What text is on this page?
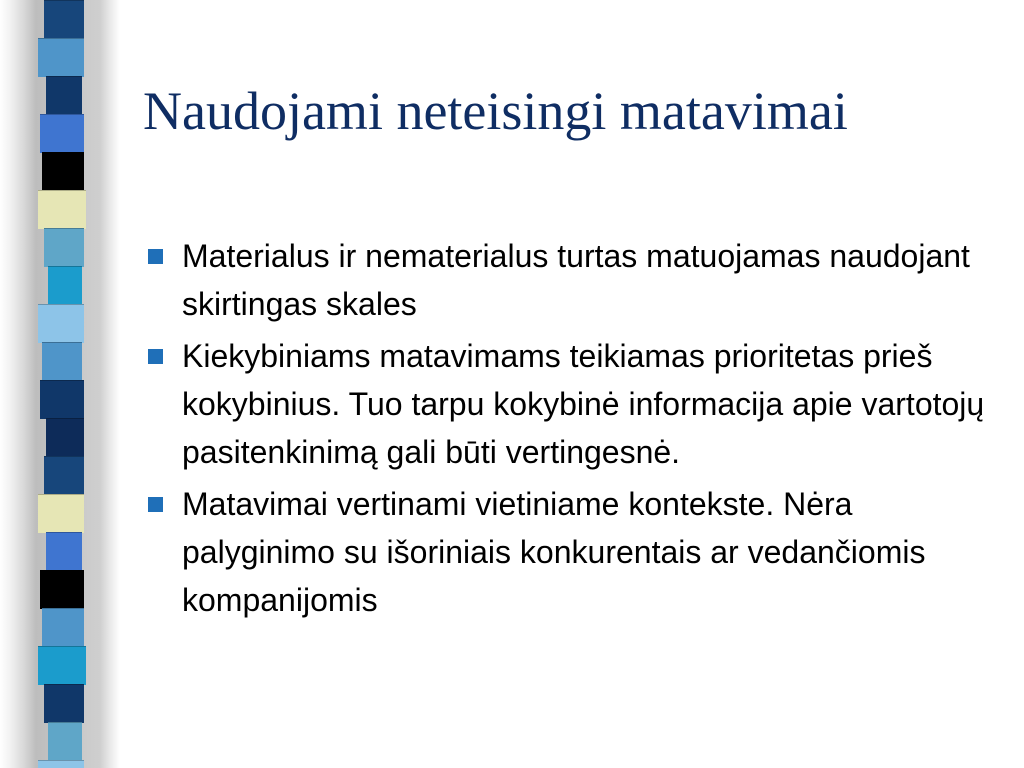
Naudojami neteisingi matavimai
Materialus ir nematerialus turtas matuojamas naudojant skirtingas skales
Kiekybiniams matavimams teikiamas prioritetas prieš kokybinius. Tuo tarpu kokybinė informacija apie vartotojų pasitenkinimą gali būti vertingesnė.
Matavimai vertinami vietiniame kontekste. Nėra palyginimo su išoriniais konkurentais ar vedančiomis kompanijomis
